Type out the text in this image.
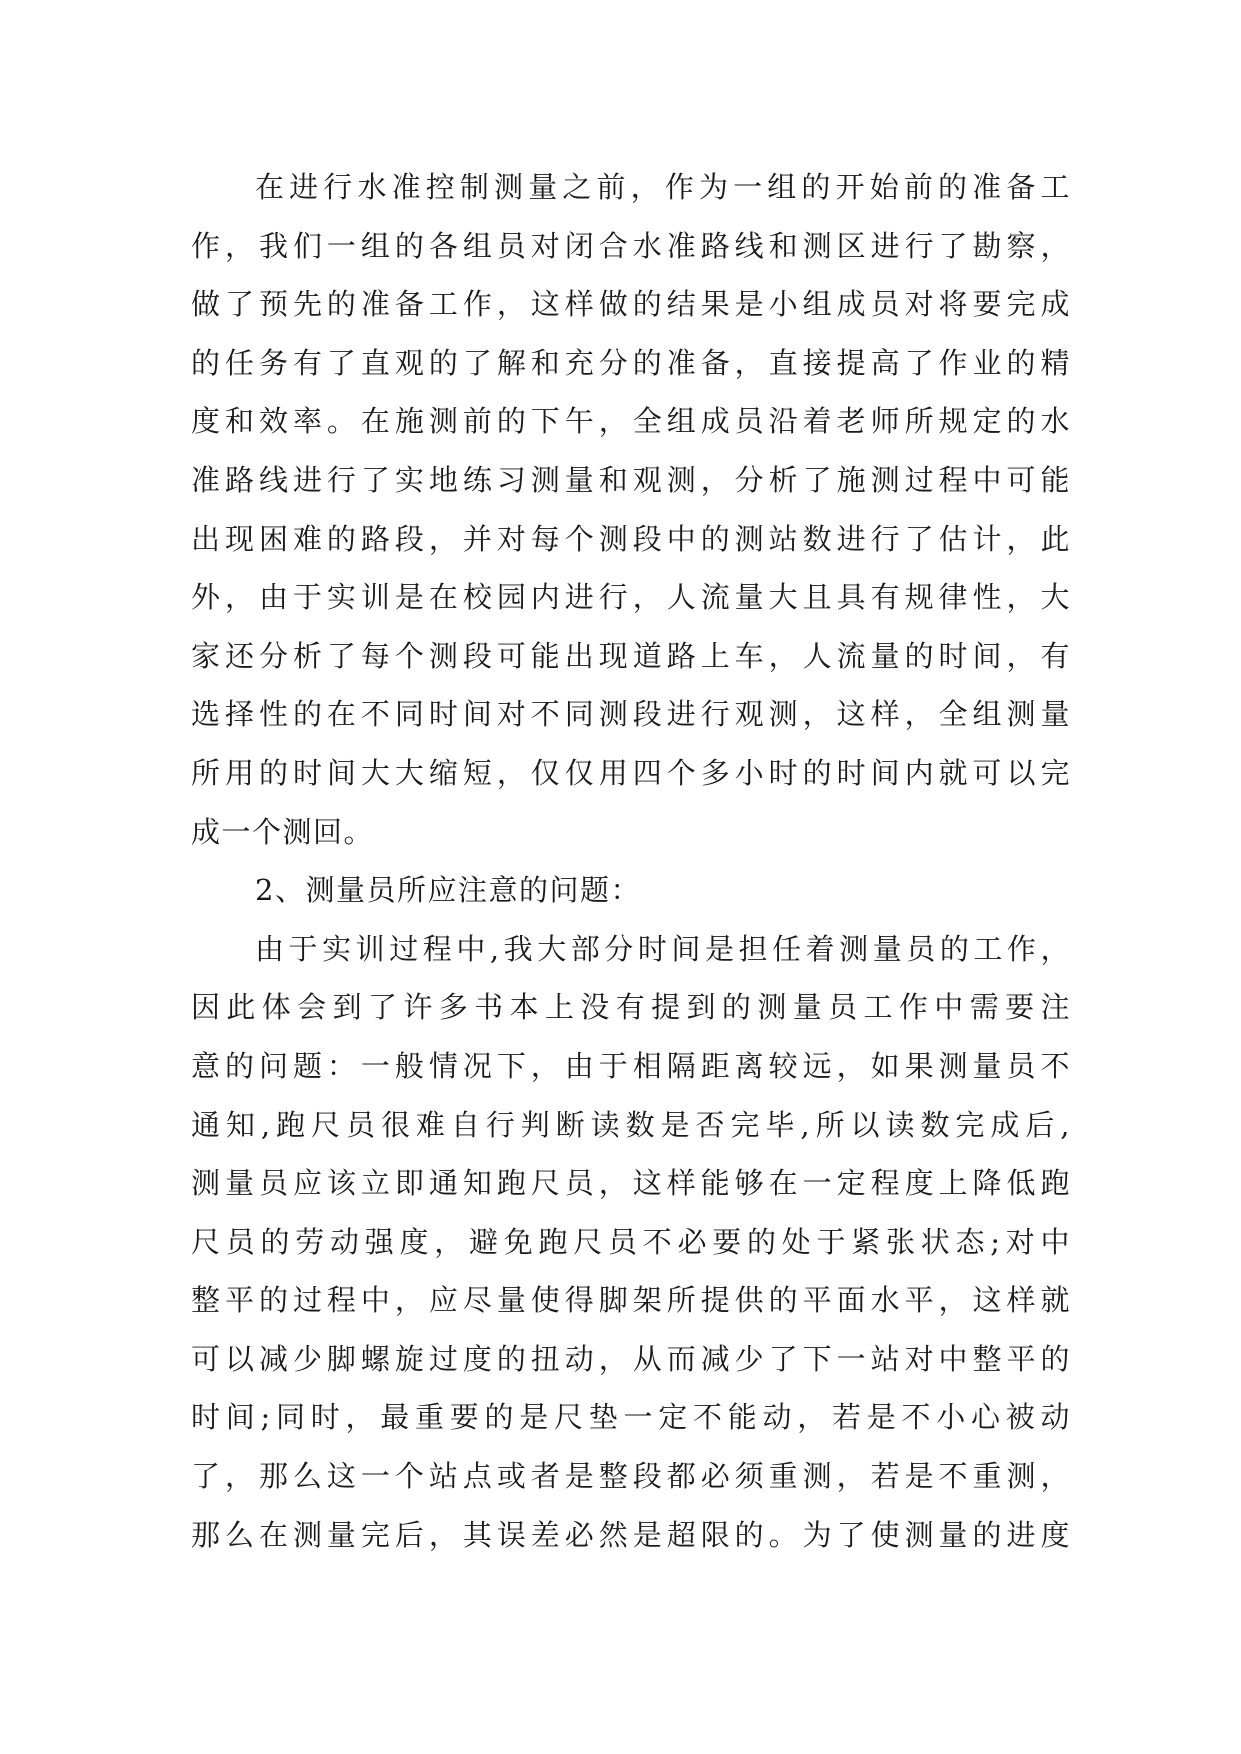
在进行水准控制测量之前，作为一组的开始前的准备工
作，我们一组的各组员对闭合水准路线和测区进行了勘察，
做了预先的准备工作，这样做的结果是小组成员对将要完成
的任务有了直观的了解和充分的准备，直接提高了作业的精
度和效率。在施测前的下午，全组成员沿着老师所规定的水
准路线进行了实地练习测量和观测，分析了施测过程中可能
出现困难的路段，并对每个测段中的测站数进行了估计，此
外，由于实训是在校园内进行，人流量大且具有规律性，大
家还分析了每个测段可能出现道路上车，人流量的时间，有
选择性的在不同时间对不同测段进行观测，这样，全组测量
所用的时间大大缩短，仅仅用四个多小时的时间内就可以完
成一个测回。
2、测量员所应注意的问题：
由于实训过程中,我大部分时间是担任着测量员的工作，
因此体会到了许多书本上没有提到的测量员工作中需要注
意的问题：一般情况下，由于相隔距离较远，如果测量员不
通知,跑尺员很难自行判断读数是否完毕,所以读数完成后,
测量员应该立即通知跑尺员，这样能够在一定程度上降低跑
尺员的劳动强度，避免跑尺员不必要的处于紧张状态;对中
整平的过程中，应尽量使得脚架所提供的平面水平，这样就
可以减少脚螺旋过度的扭动，从而减少了下一站对中整平的
时间;同时，最重要的是尺垫一定不能动，若是不小心被动
了，那么这一个站点或者是整段都必须重测，若是不重测，
那么在测量完后，其误差必然是超限的。为了使测量的进度
